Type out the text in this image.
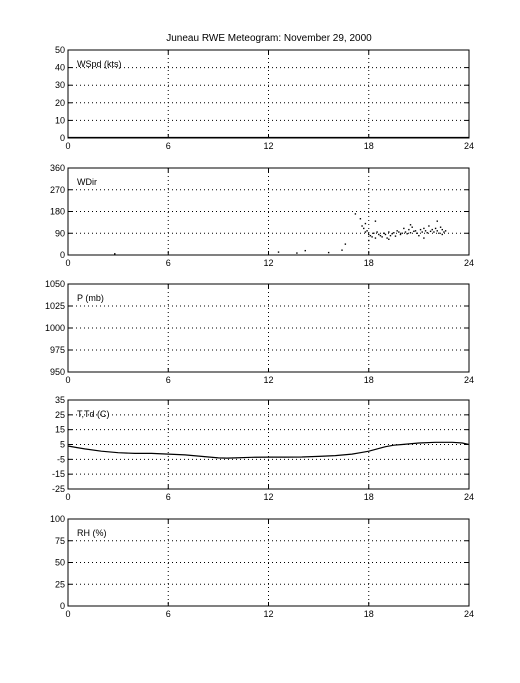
Juneau RWE Meteogram: November 29, 2000
0	6	12	18	24
0
10
20
30
40
50
WSpd (kts)
0	6	12	18	24
0
90
180
270
360
WDir
0	6	12	18	24
950
975
1000
1025
1050
P (mb)
0	6	12	18	24
-25
-15
-5
5
15
25
35
T,Td (C)
0	6	12	18	24
0
25
50
75
100
RH (%)
